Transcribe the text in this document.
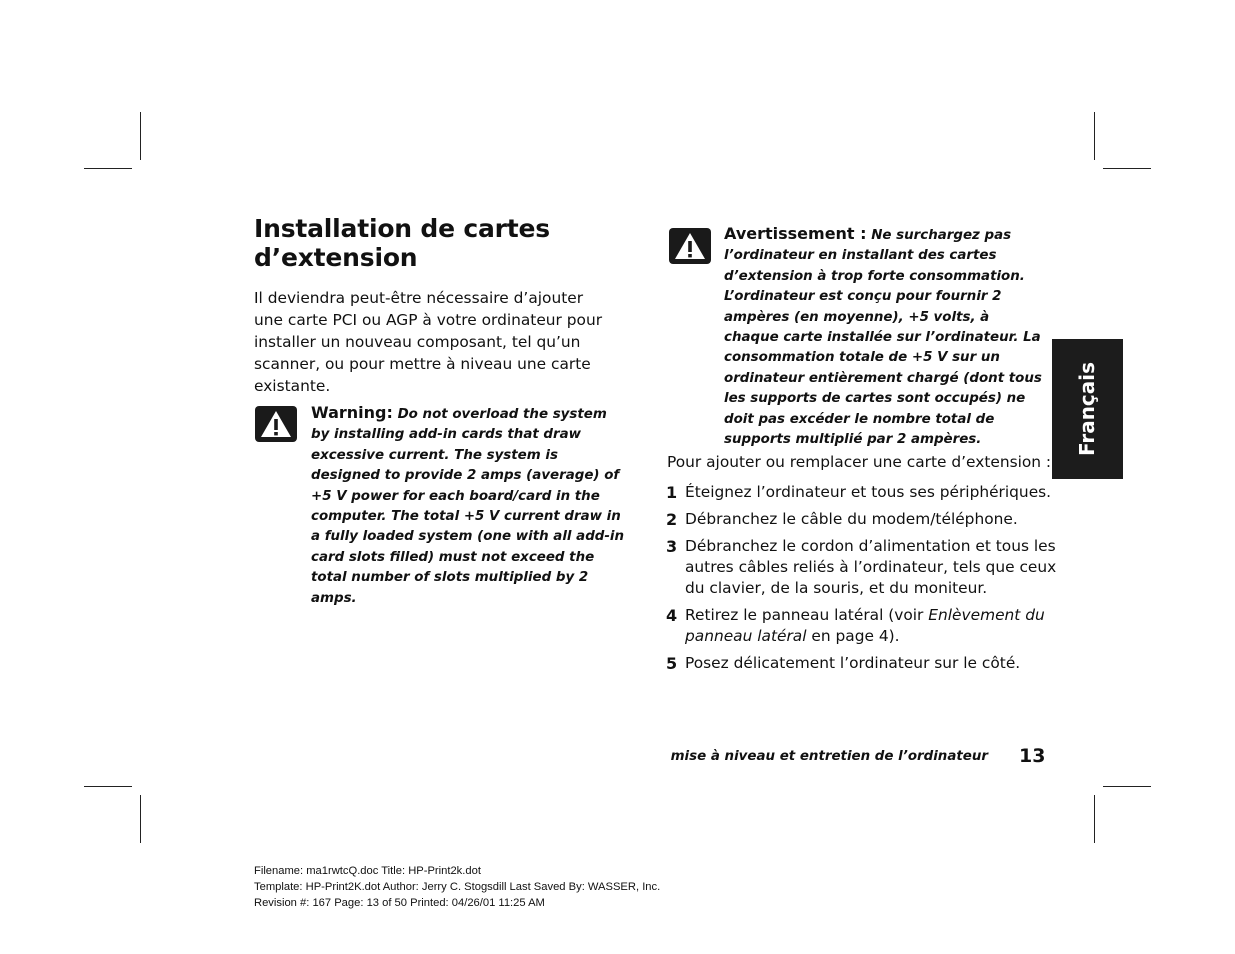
Installation de cartes d’extension

Il deviendra peut-être nécessaire d’ajouter une carte PCI ou AGP à votre ordinateur pour installer un nouveau composant, tel qu’un scanner, ou pour mettre à niveau une carte existante.

Warning: Do not overload the system by installing add-in cards that draw excessive current. The system is designed to provide 2 amps (average) of +5 V power for each board/card in the computer. The total +5 V current draw in a fully loaded system (one with all add-in card slots filled) must not exceed the total number of slots multiplied by 2 amps.

Avertissement : Ne surchargez pas l’ordinateur en installant des cartes d’extension à trop forte consommation. L’ordinateur est conçu pour fournir 2 ampères (en moyenne), +5 volts, à chaque carte installée sur l’ordinateur. La consommation totale de +5 V sur un ordinateur entièrement chargé (dont tous les supports de cartes sont occupés) ne doit pas excéder le nombre total de supports multiplié par 2 ampères.

Pour ajouter ou remplacer une carte d’extension :

1 Éteignez l’ordinateur et tous ses périphériques.
2 Débranchez le câble du modem/téléphone.
3 Débranchez le cordon d’alimentation et tous les autres câbles reliés à l’ordinateur, tels que ceux du clavier, de la souris, et du moniteur.
4 Retirez le panneau latéral (voir Enlèvement du panneau latéral en page 4).
5 Posez délicatement l’ordinateur sur le côté.
Français
mise à niveau et entretien de l’ordinateur 13
Filename: ma1rwtcQ.doc Title: HP-Print2k.dot
Template: HP-Print2K.dot Author: Jerry C. Stogsdill Last Saved By: WASSER, Inc.
Revision #: 167 Page: 13 of 50 Printed: 04/26/01 11:25 AM
